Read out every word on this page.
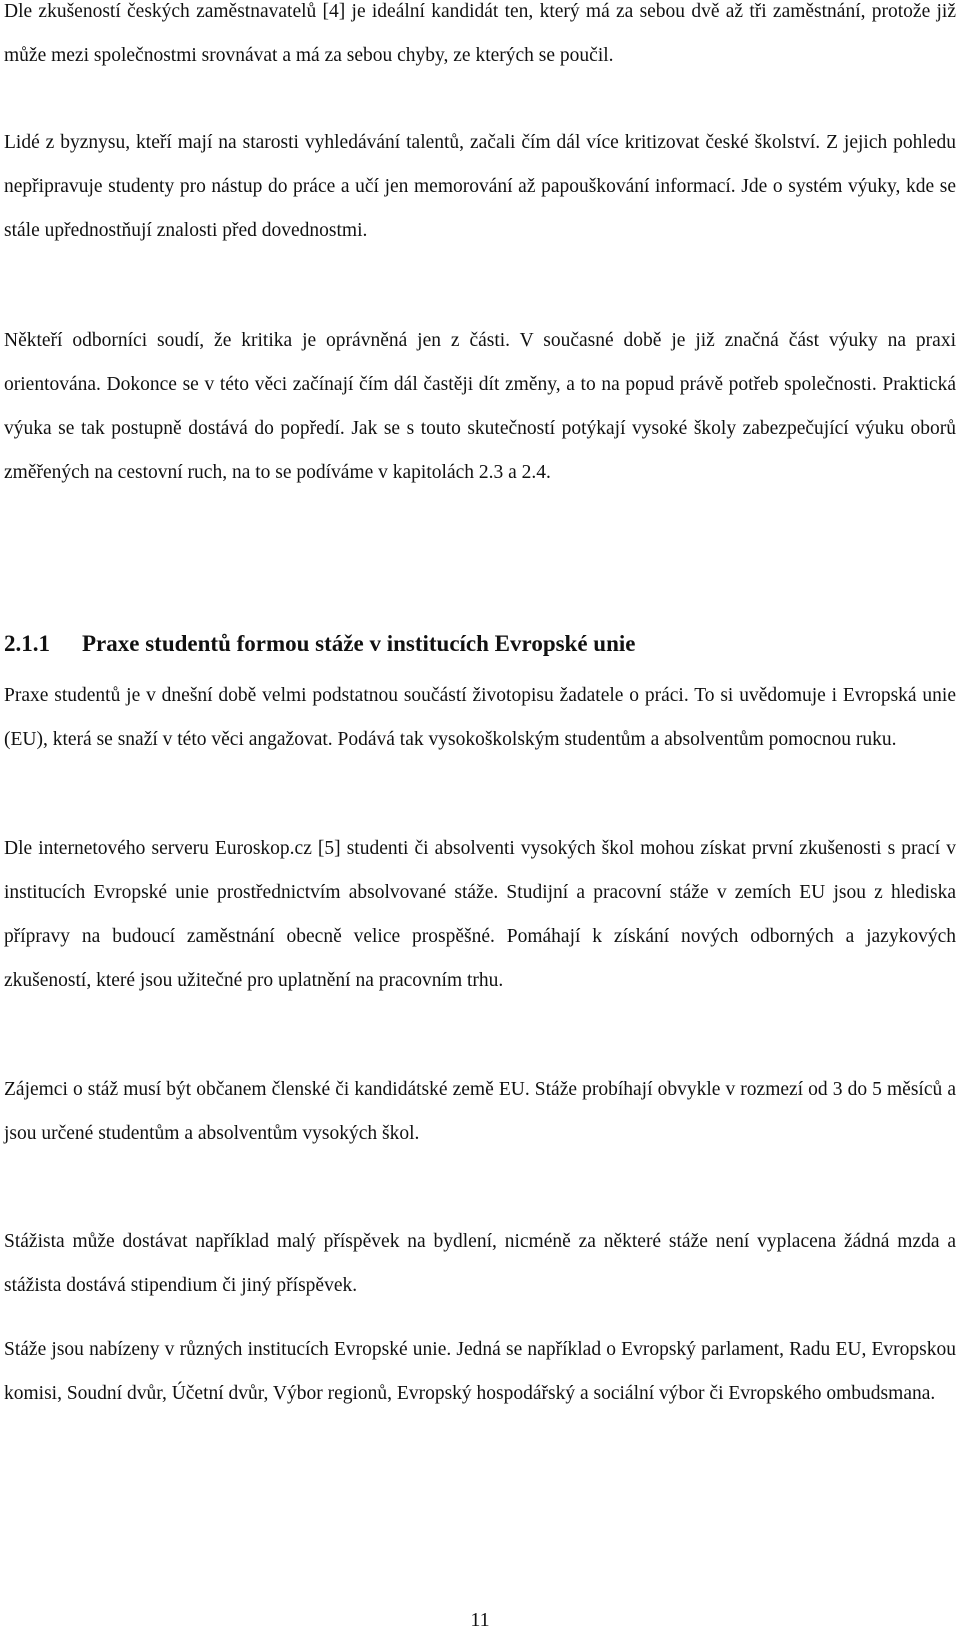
Dle zkušeností českých zaměstnavatelů [4] je ideální kandidát ten, který má za sebou dvě až tři zaměstnání, protože již může mezi společnostmi srovnávat a má za sebou chyby, ze kterých se poučil.

Lidé z byznysu, kteří mají na starosti vyhledávání talentů, začali čím dál více kritizovat české školství. Z jejich pohledu nepřipravuje studenty pro nástup do práce a učí jen memorování až papouškování informací. Jde o systém výuky, kde se stále upřednostňují znalosti před dovednostmi.

Někteří odborníci soudí, že kritika je oprávněná jen z části. V současné době je již značná část výuky na praxi orientována. Dokonce se v této věci začínají čím dál častěji dít změny, a to na popud právě potřeb společnosti. Praktická výuka se tak postupně dostává do popředí. Jak se s touto skutečností potýkají vysoké školy zabezpečující výuku oborů změřených na cestovní ruch, na to se podíváme v kapitolách 2.3 a 2.4.

2.1.1 Praxe studentů formou stáže v institucích Evropské unie

Praxe studentů je v dnešní době velmi podstatnou součástí životopisu žadatele o práci. To si uvědomuje i Evropská unie (EU), která se snaží v této věci angažovat. Podává tak vysokoškolským studentům a absolventům pomocnou ruku.

Dle internetového serveru Euroskop.cz [5] studenti či absolventi vysokých škol mohou získat první zkušenosti s prací v institucích Evropské unie prostřednictvím absolvované stáže. Studijní a pracovní stáže v zemích EU jsou z hlediska přípravy na budoucí zaměstnání obecně velice prospěšné. Pomáhají k získání nových odborných a jazykových zkušeností, které jsou užitečné pro uplatnění na pracovním trhu.

Zájemci o stáž musí být občanem členské či kandidátské země EU. Stáže probíhají obvykle v rozmezí od 3 do 5 měsíců a jsou určené studentům a absolventům vysokých škol.

Stážista může dostávat například malý příspěvek na bydlení, nicméně za některé stáže není vyplacena žádná mzda a stážista dostává stipendium či jiný příspěvek.

Stáže jsou nabízeny v různých institucích Evropské unie. Jedná se například o Evropský parlament, Radu EU, Evropskou komisi, Soudní dvůr, Účetní dvůr, Výbor regionů, Evropský hospodářský a sociální výbor či Evropského ombudsmana.

11
